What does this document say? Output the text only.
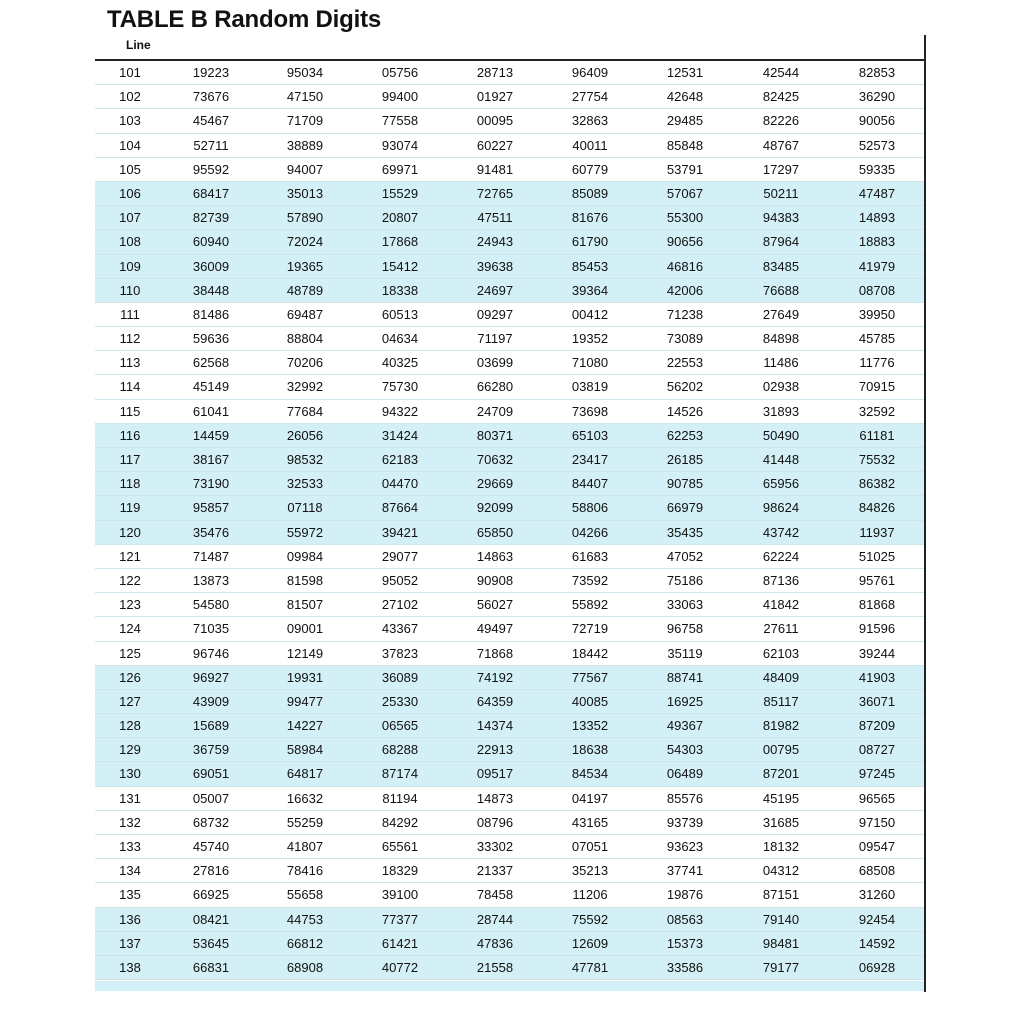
TABLE B Random Digits
Line
101	19223	95034	05756	28713	96409	12531	42544	82853
102	73676	47150	99400	01927	27754	42648	82425	36290
103	45467	71709	77558	00095	32863	29485	82226	90056
104	52711	38889	93074	60227	40011	85848	48767	52573
105	95592	94007	69971	91481	60779	53791	17297	59335
106	68417	35013	15529	72765	85089	57067	50211	47487
107	82739	57890	20807	47511	81676	55300	94383	14893
108	60940	72024	17868	24943	61790	90656	87964	18883
109	36009	19365	15412	39638	85453	46816	83485	41979
110	38448	48789	18338	24697	39364	42006	76688	08708
111	81486	69487	60513	09297	00412	71238	27649	39950
112	59636	88804	04634	71197	19352	73089	84898	45785
113	62568	70206	40325	03699	71080	22553	11486	11776
114	45149	32992	75730	66280	03819	56202	02938	70915
115	61041	77684	94322	24709	73698	14526	31893	32592
116	14459	26056	31424	80371	65103	62253	50490	61181
117	38167	98532	62183	70632	23417	26185	41448	75532
118	73190	32533	04470	29669	84407	90785	65956	86382
119	95857	07118	87664	92099	58806	66979	98624	84826
120	35476	55972	39421	65850	04266	35435	43742	11937
121	71487	09984	29077	14863	61683	47052	62224	51025
122	13873	81598	95052	90908	73592	75186	87136	95761
123	54580	81507	27102	56027	55892	33063	41842	81868
124	71035	09001	43367	49497	72719	96758	27611	91596
125	96746	12149	37823	71868	18442	35119	62103	39244
126	96927	19931	36089	74192	77567	88741	48409	41903
127	43909	99477	25330	64359	40085	16925	85117	36071
128	15689	14227	06565	14374	13352	49367	81982	87209
129	36759	58984	68288	22913	18638	54303	00795	08727
130	69051	64817	87174	09517	84534	06489	87201	97245
131	05007	16632	81194	14873	04197	85576	45195	96565
132	68732	55259	84292	08796	43165	93739	31685	97150
133	45740	41807	65561	33302	07051	93623	18132	09547
134	27816	78416	18329	21337	35213	37741	04312	68508
135	66925	55658	39100	78458	11206	19876	87151	31260
136	08421	44753	77377	28744	75592	08563	79140	92454
137	53645	66812	61421	47836	12609	15373	98481	14592
138	66831	68908	40772	21558	47781	33586	79177	06928
